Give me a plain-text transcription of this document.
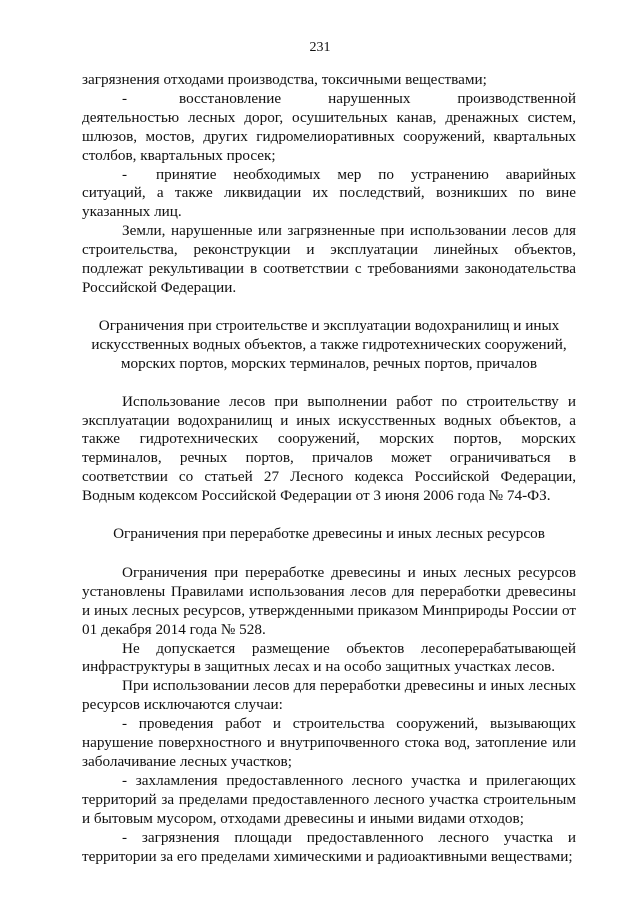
231

загрязнения отходами производства, токсичными веществами;

-	восстановление нарушенных производственной деятельностью лесных дорог, осушительных канав, дренажных систем, шлюзов, мостов, других гидромелиоративных сооружений, квартальных столбов, квартальных просек;

- принятие необходимых мер по устранению аварийных ситуаций, а также ликвидации их последствий, возникших по вине указанных лиц.

Земли, нарушенные или загрязненные при использовании лесов для строительства, реконструкции и эксплуатации линейных объектов, подлежат рекультивации в соответствии с требованиями законодательства Российской Федерации.

Ограничения при строительстве и эксплуатации водохранилищ и иных искусственных водных объектов, а также гидротехнических сооружений, морских портов, морских терминалов, речных портов, причалов

Использование лесов при выполнении работ по строительству и эксплуатации водохранилищ и иных искусственных водных объектов, а также гидротехнических сооружений, морских портов, морских терминалов, речных портов, причалов может ограничиваться в соответствии со статьей 27 Лесного кодекса Российской Федерации, Водным кодексом Российской Федерации от 3 июня 2006 года № 74-ФЗ.

Ограничения при переработке древесины и иных лесных ресурсов

Ограничения при переработке древесины и иных лесных ресурсов установлены Правилами использования лесов для переработки древесины и иных лесных ресурсов, утвержденными приказом Минприроды России от 01 декабря 2014 года № 528.

Не допускается размещение объектов лесоперерабатывающей инфраструктуры в защитных лесах и на особо защитных участках лесов.

При использовании лесов для переработки древесины и иных лесных ресурсов исключаются случаи:

- проведения работ и строительства сооружений, вызывающих нарушение поверхностного и внутрипочвенного стока вод, затопление или заболачивание лесных участков;

- захламления предоставленного лесного участка и прилегающих территорий за пределами предоставленного лесного участка строительным и бытовым мусором, отходами древесины и иными видами отходов;

- загрязнения площади предоставленного лесного участка и территории за его пределами химическими и радиоактивными веществами;
